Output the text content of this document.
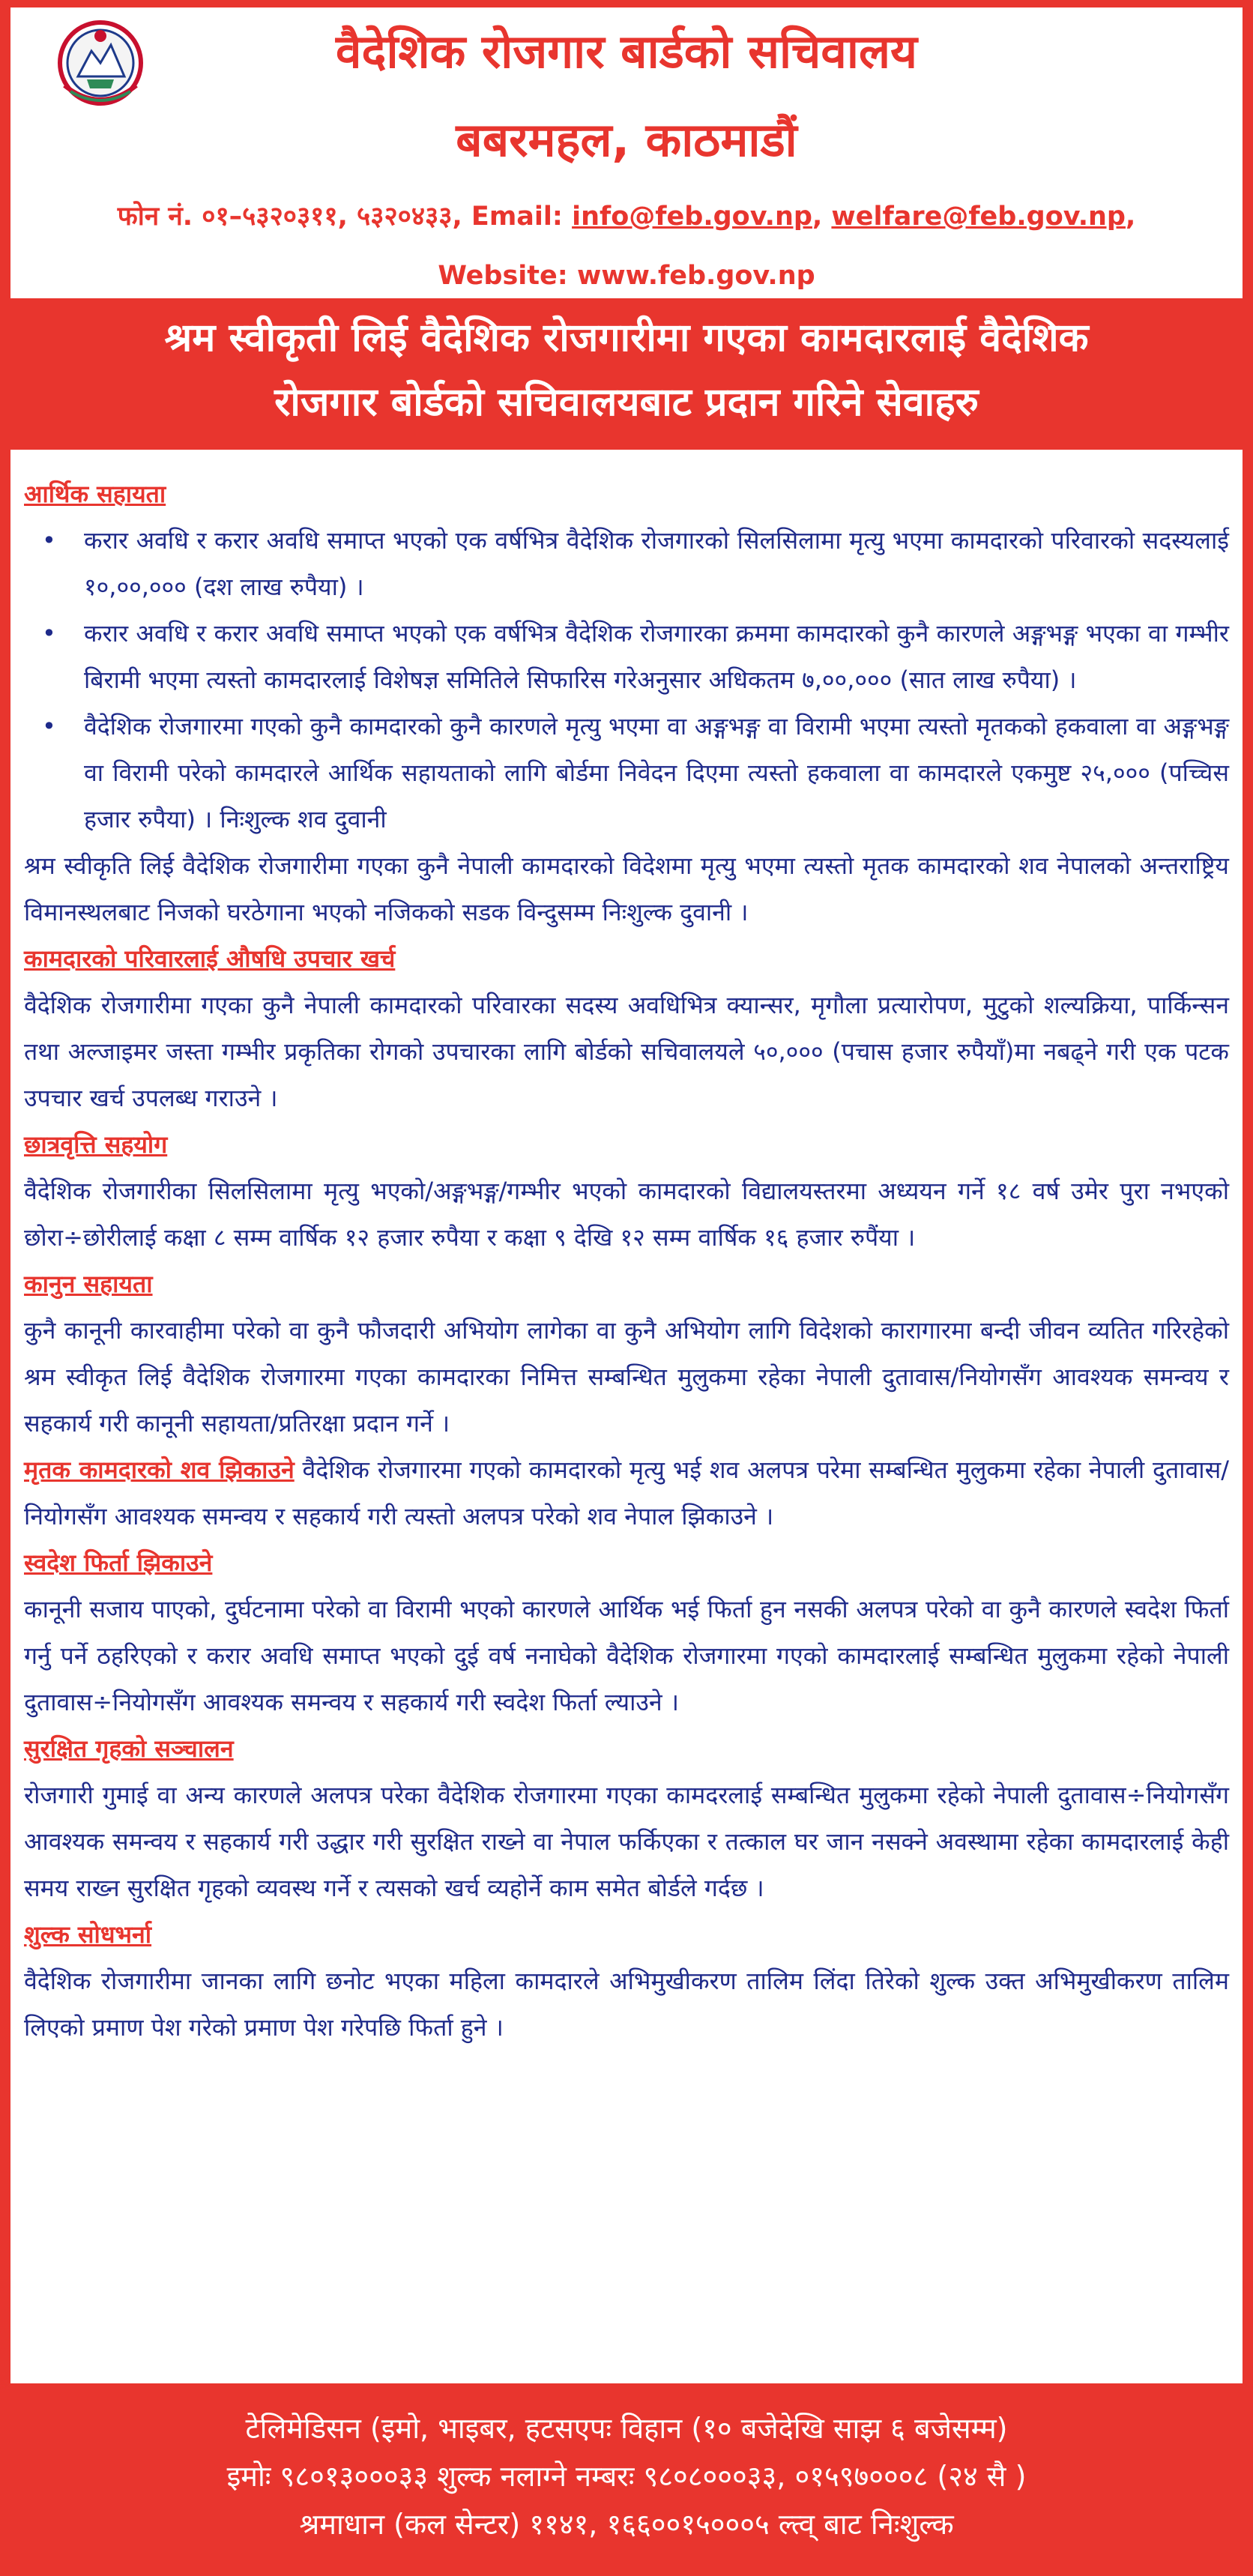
वैदेशिक रोजगार बार्डको सचिवालय
बबरमहल, काठमाडौं
फोन नं. ०१–५३२०३११, ५३२०४३३, Email: info@feb.gov.np, welfare@feb.gov.np,
Website: www.feb.gov.np
श्रम स्वीकृती लिई वैदेशिक रोजगारीमा गएका कामदारलाई वैदेशिक
रोजगार बोर्डको सचिवालयबाट प्रदान गरिने सेवाहरु
आर्थिक सहायता
• करार अवधि र करार अवधि समाप्त भएको एक वर्षभित्र वैदेशिक रोजगारको सिलसिलामा मृत्यु भएमा कामदारको परिवारको सदस्यलाई १०,००,००० (दश लाख रुपैया) ।
• करार अवधि र करार अवधि समाप्त भएको एक वर्षभित्र वैदेशिक रोजगारका क्रममा कामदारको कुनै कारणले अङ्गभङ्ग भएका वा गम्भीर बिरामी भएमा त्यस्तो कामदारलाई विशेषज्ञ समितिले सिफारिस गरेअनुसार अधिकतम ७,००,००० (सात लाख रुपैया) ।
• वैदेशिक रोजगारमा गएको कुनै कामदारको कुनै कारणले मृत्यु भएमा वा अङ्गभङ्ग वा विरामी भएमा त्यस्तो मृतकको हकवाला वा अङ्गभङ्ग वा विरामी परेको कामदारले आर्थिक सहायताको लागि बोर्डमा निवेदन दिएमा त्यस्तो हकवाला वा कामदारले एकमुष्ट २५,००० (पच्चिस हजार रुपैया) । निःशुल्क शव दुवानी

श्रम स्वीकृति लिई वैदेशिक रोजगारीमा गएका कुनै नेपाली कामदारको विदेशमा मृत्यु भएमा त्यस्तो मृतक कामदारको शव नेपालको अन्तराष्ट्रिय विमानस्थलबाट निजको घरठेगाना भएको नजिकको सडक विन्दुसम्म निःशुल्क दुवानी ।

कामदारको परिवारलाई औषधि उपचार खर्च

वैदेशिक रोजगारीमा गएका कुनै नेपाली कामदारको परिवारका सदस्य अवधिभित्र क्यान्सर, मृगौला प्रत्यारोपण, मुटुको शल्यक्रिया, पार्किन्सन तथा अल्जाइमर जस्ता गम्भीर प्रकृतिका रोगको उपचारका लागि बोर्डको सचिवालयले ५०,००० (पचास हजार रुपैयाँ)मा नबढ्ने गरी एक पटक उपचार खर्च उपलब्ध गराउने ।

छात्रवृत्ति सहयोग

वैदेशिक रोजगारीका सिलसिलामा मृत्यु भएको/अङ्गभङ्ग/गम्भीर भएको कामदारको विद्यालयस्तरमा अध्ययन गर्ने १८ वर्ष उमेर पुरा नभएको छोरा÷छोरीलाई कक्षा ८ सम्म वार्षिक १२ हजार रुपैया र कक्षा ९ देखि १२ सम्म वार्षिक १६ हजार रुपैंया ।

कानुन सहायता

कुनै कानूनी कारवाहीमा परेको वा कुनै फौजदारी अभियोग लागेका वा कुनै अभियोग लागि विदेशको कारागारमा बन्दी जीवन व्यतित गरिरहेको श्रम स्वीकृत लिई वैदेशिक रोजगारमा गएका कामदारका निमित्त सम्बन्धित मुलुकमा रहेका नेपाली दुतावास/नियोगसँग आवश्यक समन्वय र सहकार्य गरी कानूनी सहायता/प्रतिरक्षा प्रदान गर्ने ।

मृतक कामदारको शव झिकाउने वैदेशिक रोजगारमा गएको कामदारको मृत्यु भई शव अलपत्र परेमा सम्बन्धित मुलुकमा रहेका नेपाली दुतावास/नियोगसँग आवश्यक समन्वय र सहकार्य गरी त्यस्तो अलपत्र परेको शव नेपाल झिकाउने ।

स्वदेश फिर्ता झिकाउने

कानूनी सजाय पाएको, दुर्घटनामा परेको वा विरामी भएको कारणले आर्थिक भई फिर्ता हुन नसकी अलपत्र परेको वा कुनै कारणले स्वदेश फिर्ता गर्नु पर्ने ठहरिएको र करार अवधि समाप्त भएको दुई वर्ष ननाघेको वैदेशिक रोजगारमा गएको कामदारलाई सम्बन्धित मुलुकमा रहेको नेपाली दुतावास÷नियोगसँग आवश्यक समन्वय र सहकार्य गरी स्वदेश फिर्ता ल्याउने ।

सुरक्षित गृहको सञ्चालन

रोजगारी गुमाई वा अन्य कारणले अलपत्र परेका वैदेशिक रोजगारमा गएका कामदरलाई सम्बन्धित मुलुकमा रहेको नेपाली दुतावास÷नियोगसँग आवश्यक समन्वय र सहकार्य गरी उद्धार गरी सुरक्षित राख्ने वा नेपाल फर्किएका र तत्काल घर जान नसक्ने अवस्थामा रहेका कामदारलाई केही समय राख्न सुरक्षित गृहको व्यवस्थ गर्ने र त्यसको खर्च व्यहोर्ने काम समेत बोर्डले गर्दछ ।

शुल्क सोधभर्ना

वैदेशिक रोजगारीमा जानका लागि छनोट भएका महिला कामदारले अभिमुखीकरण तालिम लिंदा तिरेको शुल्क उक्त अभिमुखीकरण तालिम लिएको प्रमाण पेश गरेको प्रमाण पेश गरेपछि फिर्ता हुने ।

टेलिमेडिसन (इमो, भाइबर, हटसएपः विहान (१० बजेदेखि साझ ६ बजेसम्म)
इमोः ९८०१३०००३३ शुल्क नलाग्ने नम्बरः ९८०८०००३३, ०१५९७०००८ (२४ सै )
श्रमाधान (कल सेन्टर) ११४१, १६६००१५०००५ ल्त्व् बाट निःशुल्क
